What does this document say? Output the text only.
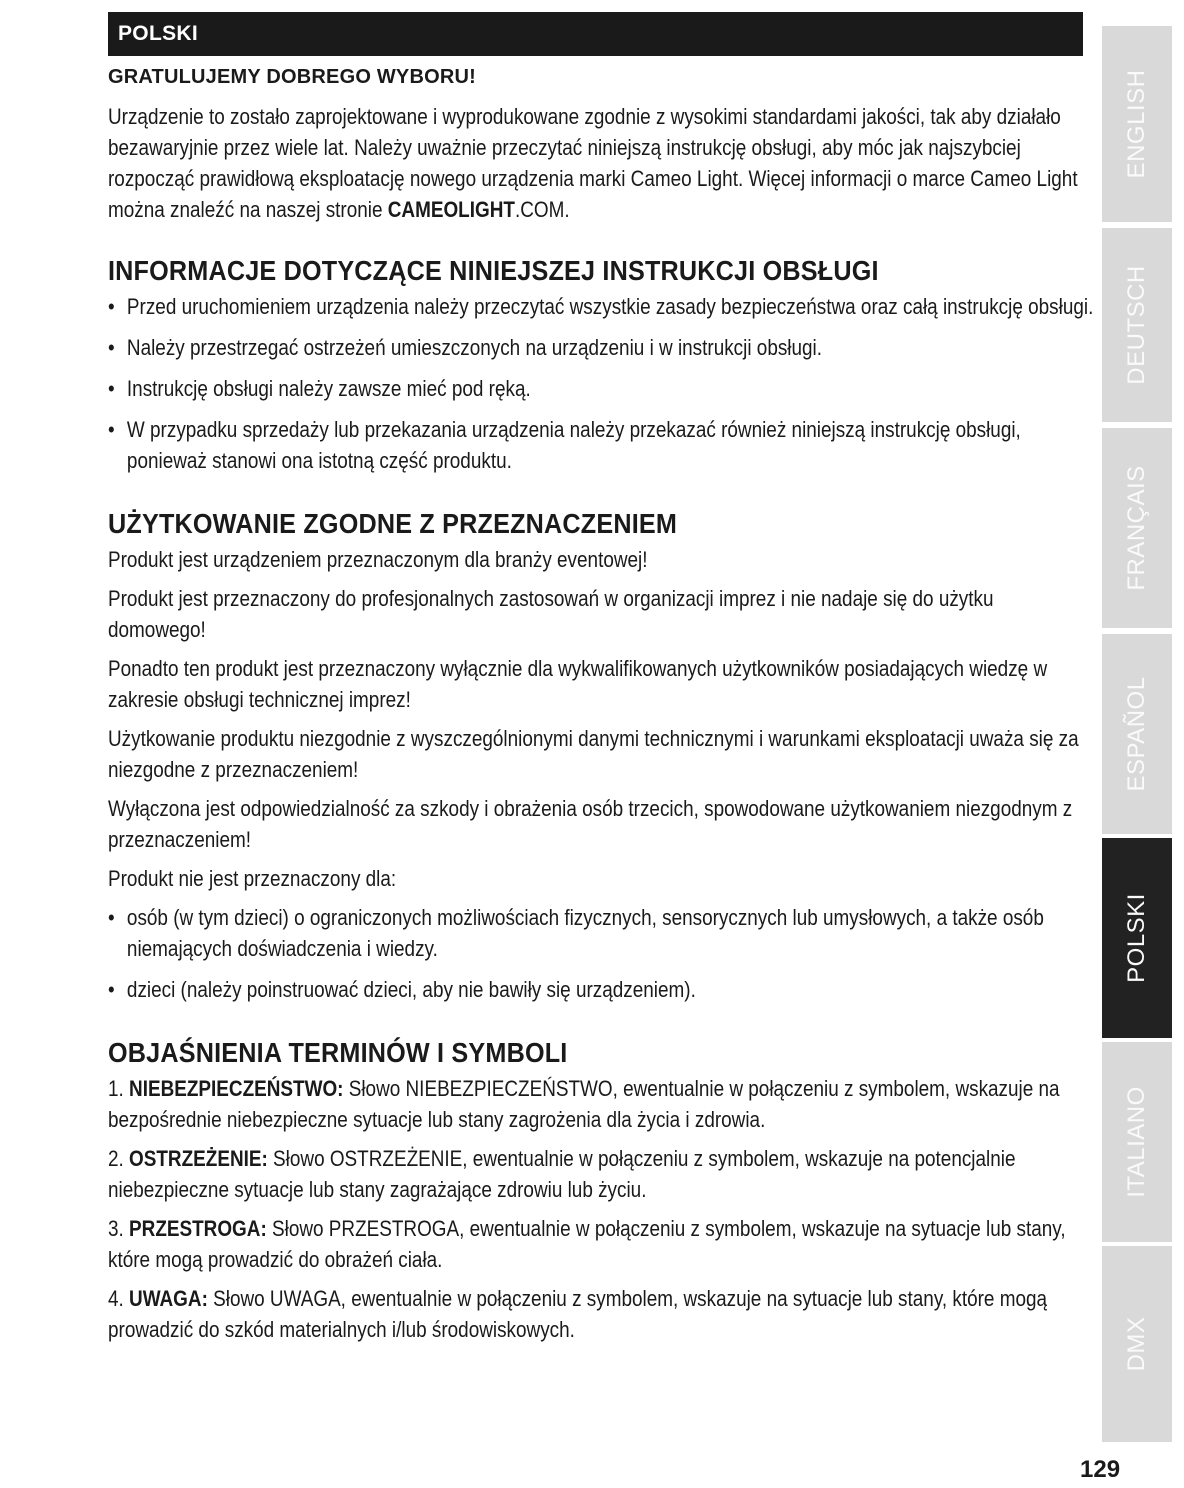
POLSKI
GRATULUJEMY DOBREGO WYBORU!

Urządzenie to zostało zaprojektowane i wyprodukowane zgodnie z wysokimi standardami jakości, tak aby działało bezawaryjnie przez wiele lat. Należy uważnie przeczytać niniejszą instrukcję obsługi, aby móc jak najszybciej rozpocząć prawidłową eksploatację nowego urządzenia marki Cameo Light. Więcej informacji o marce Cameo Light można znaleźć na naszej stronie CAMEOLIGHT.COM.

INFORMACJE DOTYCZĄCE NINIEJSZEJ INSTRUKCJI OBSŁUGI
• Przed uruchomieniem urządzenia należy przeczytać wszystkie zasady bezpieczeństwa oraz całą instrukcję obsługi.
• Należy przestrzegać ostrzeżeń umieszczonych na urządzeniu i w instrukcji obsługi.
• Instrukcję obsługi należy zawsze mieć pod ręką.
• W przypadku sprzedaży lub przekazania urządzenia należy przekazać również niniejszą instrukcję obsługi, ponieważ stanowi ona istotną część produktu.
UŻYTKOWANIE ZGODNE Z PRZEZNACZENIEM

Produkt jest urządzeniem przeznaczonym dla branży eventowej!

Produkt jest przeznaczony do profesjonalnych zastosowań w organizacji imprez i nie nadaje się do użytku domowego!

Ponadto ten produkt jest przeznaczony wyłącznie dla wykwalifikowanych użytkowników posiadających wiedzę w zakresie obsługi technicznej imprez!

Użytkowanie produktu niezgodnie z wyszczególnionymi danymi technicznymi i warunkami eksploatacji uważa się za niezgodne z przeznaczeniem!

Wyłączona jest odpowiedzialność za szkody i obrażenia osób trzecich, spowodowane użytkowaniem niezgodnym z przeznaczeniem!

Produkt nie jest przeznaczony dla:

• osób (w tym dzieci) o ograniczonych możliwościach fizycznych, sensorycznych lub umysłowych, a także osób niemających doświadczenia i wiedzy.
• dzieci (należy poinstruować dzieci, aby nie bawiły się urządzeniem).
OBJAŚNIENIA TERMINÓW I SYMBOLI

1. NIEBEZPIECZEŃSTWO: Słowo NIEBEZPIECZEŃSTWO, ewentualnie w połączeniu z symbolem, wskazuje na bezpośrednie niebezpieczne sytuacje lub stany zagrożenia dla życia i zdrowia.

2. OSTRZEŻENIE: Słowo OSTRZEŻENIE, ewentualnie w połączeniu z symbolem, wskazuje na potencjalnie niebezpieczne sytuacje lub stany zagrażające zdrowiu lub życiu.

3. PRZESTROGA: Słowo PRZESTROGA, ewentualnie w połączeniu z symbolem, wskazuje na sytuacje lub stany, które mogą prowadzić do obrażeń ciała.

4. UWAGA: Słowo UWAGA, ewentualnie w połączeniu z symbolem, wskazuje na sytuacje lub stany, które mogą prowadzić do szkód materialnych i/lub środowiskowych.

ENGLISH
DEUTSCH
FRANÇAIS
ESPAÑOL
POLSKI
ITALIANO
DMX
129
